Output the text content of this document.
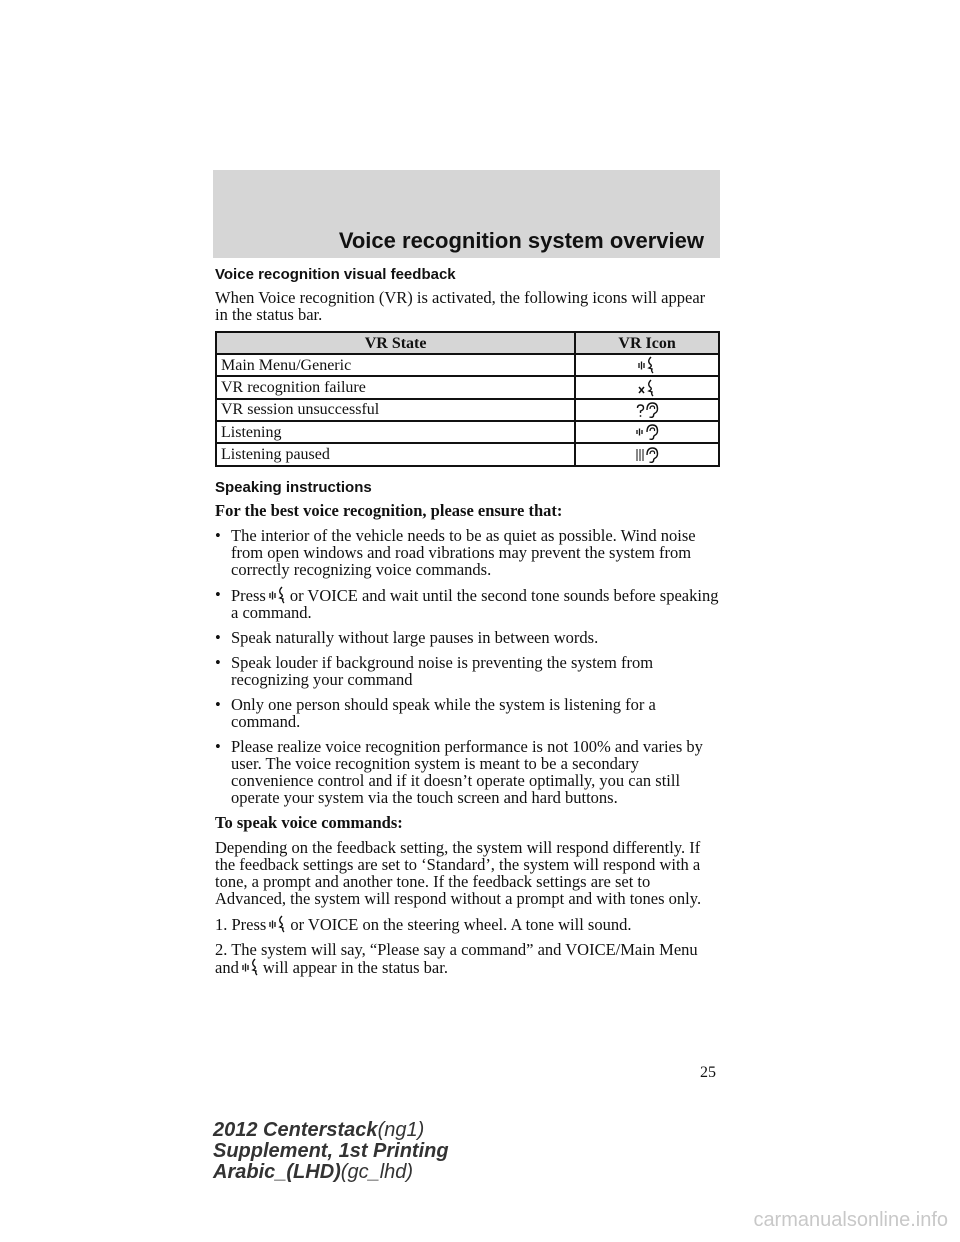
Voice recognition system overview
Voice recognition visual feedback

When Voice recognition (VR) is activated, the following icons will appear in the status bar.

VR State	VR Icon
Main Menu/Generic	
VR recognition failure	
VR session unsuccessful	
Listening	
Listening paused	
Speaking instructions

For the best voice recognition, please ensure that:

• The interior of the vehicle needs to be as quiet as possible. Wind noise from open windows and road vibrations may prevent the system from correctly recognizing voice commands.
• Press or VOICE and wait until the second tone sounds before speaking a command.
• Speak naturally without large pauses in between words.
• Speak louder if background noise is preventing the system from recognizing your command
• Only one person should speak while the system is listening for a command.
• Please realize voice recognition performance is not 100% and varies by user. The voice recognition system is meant to be a secondary convenience control and if it doesn’t operate optimally, you can still operate your system via the touch screen and hard buttons.

To speak voice commands:

Depending on the feedback setting, the system will respond differently. If the feedback settings are set to ‘Standard’, the system will respond with a tone, a prompt and another tone. If the feedback settings are set to Advanced, the system will respond without a prompt and with tones only.

1. Press or VOICE on the steering wheel. A tone will sound.

2. The system will say, “Please say a command” and VOICE/Main Menu and will appear in the status bar.

25
2012 Centerstack(ng1)
Supplement, 1st Printing
Arabic_(LHD)(gc_lhd)
carmanualsonline.info
